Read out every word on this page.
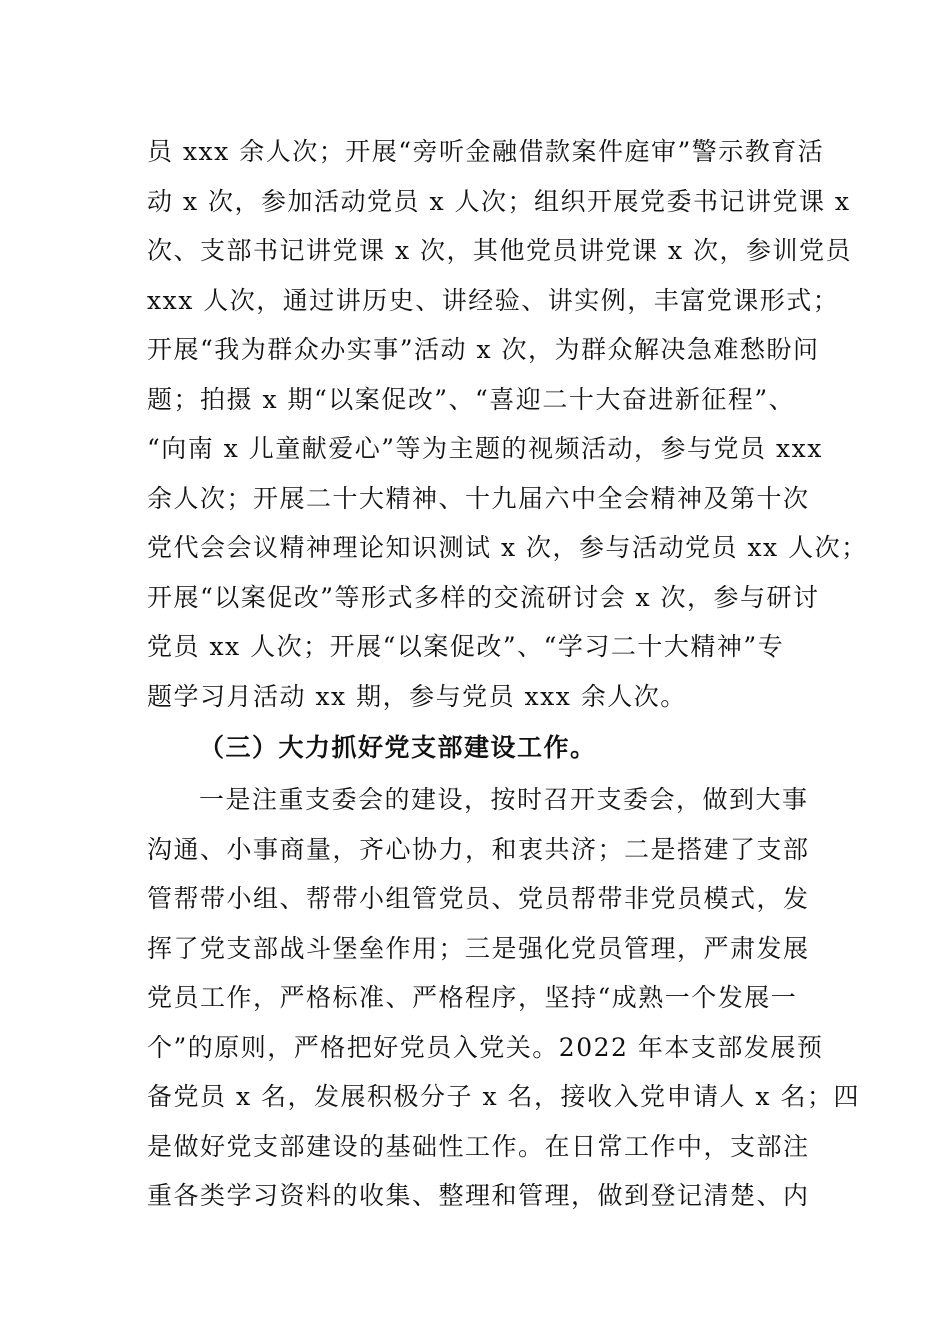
员 xxx 余人次；开展“旁听金融借款案件庭审”警示教育活
动 x 次，参加活动党员 x 人次；组织开展党委书记讲党课 x
次、支部书记讲党课 x 次，其他党员讲党课 x 次，参训党员
xxx 人次，通过讲历史、讲经验、讲实例，丰富党课形式；
开展“我为群众办实事”活动 x 次，为群众解决急难愁盼问
题；拍摄 x 期“以案促改”、“喜迎二十大奋进新征程”、
“向南 x 儿童献爱心”等为主题的视频活动，参与党员 xxx
余人次；开展二十大精神、十九届六中全会精神及第十次
党代会会议精神理论知识测试 x 次，参与活动党员 xx 人次；
开展“以案促改”等形式多样的交流研讨会 x 次，参与研讨
党员 xx 人次；开展“以案促改”、“学习二十大精神”专
题学习月活动 xx 期，参与党员 xxx 余人次。
（三）大力抓好党支部建设工作。
一是注重支委会的建设，按时召开支委会，做到大事
沟通、小事商量，齐心协力，和衷共济；二是搭建了支部
管帮带小组、帮带小组管党员、党员帮带非党员模式，发
挥了党支部战斗堡垒作用；三是强化党员管理，严肃发展
党员工作，严格标准、严格程序，坚持“成熟一个发展一
个”的原则，严格把好党员入党关。2022 年本支部发展预
备党员 x 名，发展积极分子 x 名，接收入党申请人 x 名；四
是做好党支部建设的基础性工作。在日常工作中，支部注
重各类学习资料的收集、整理和管理，做到登记清楚、内
